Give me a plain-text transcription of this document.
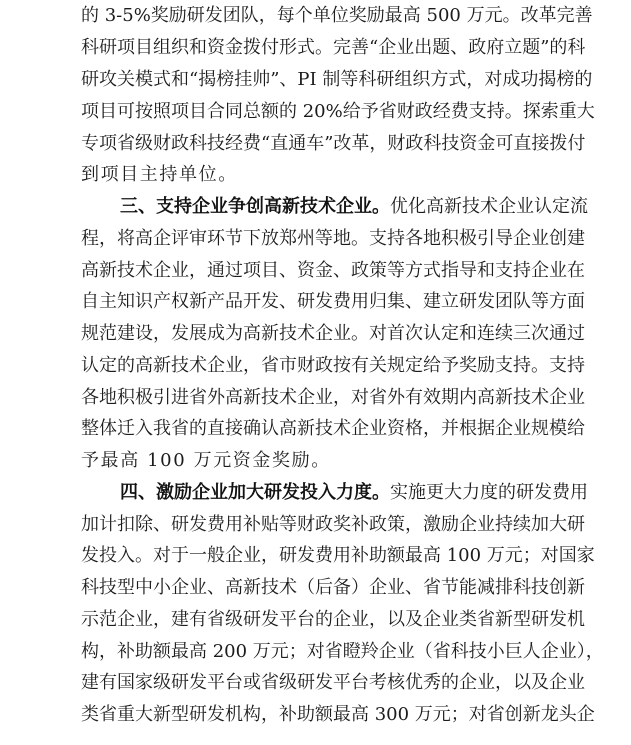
的 3-5%奖励研发团队，每个单位奖励最高 500 万元。改革完善
科研项目组织和资金拨付形式。完善“企业出题、政府立题”的科
研攻关模式和“揭榜挂帅”、PI 制等科研组织方式，对成功揭榜的
项目可按照项目合同总额的 20%给予省财政经费支持。探索重大
专项省级财政科技经费“直通车”改革，财政科技资金可直接拨付
到项目主持单位。
三、支持企业争创高新技术企业。优化高新技术企业认定流
程，将高企评审环节下放郑州等地。支持各地积极引导企业创建
高新技术企业，通过项目、资金、政策等方式指导和支持企业在
自主知识产权新产品开发、研发费用归集、建立研发团队等方面
规范建设，发展成为高新技术企业。对首次认定和连续三次通过
认定的高新技术企业，省市财政按有关规定给予奖励支持。支持
各地积极引进省外高新技术企业，对省外有效期内高新技术企业
整体迁入我省的直接确认高新技术企业资格，并根据企业规模给
予最高 100 万元资金奖励。
四、激励企业加大研发投入力度。实施更大力度的研发费用
加计扣除、研发费用补贴等财政奖补政策，激励企业持续加大研
发投入。对于一般企业，研发费用补助额最高 100 万元；对国家
科技型中小企业、高新技术（后备）企业、省节能减排科技创新
示范企业，建有省级研发平台的企业，以及企业类省新型研发机
构，补助额最高 200 万元；对省瞪羚企业（省科技小巨人企业），
建有国家级研发平台或省级研发平台考核优秀的企业，以及企业
类省重大新型研发机构，补助额最高 300 万元；对省创新龙头企
